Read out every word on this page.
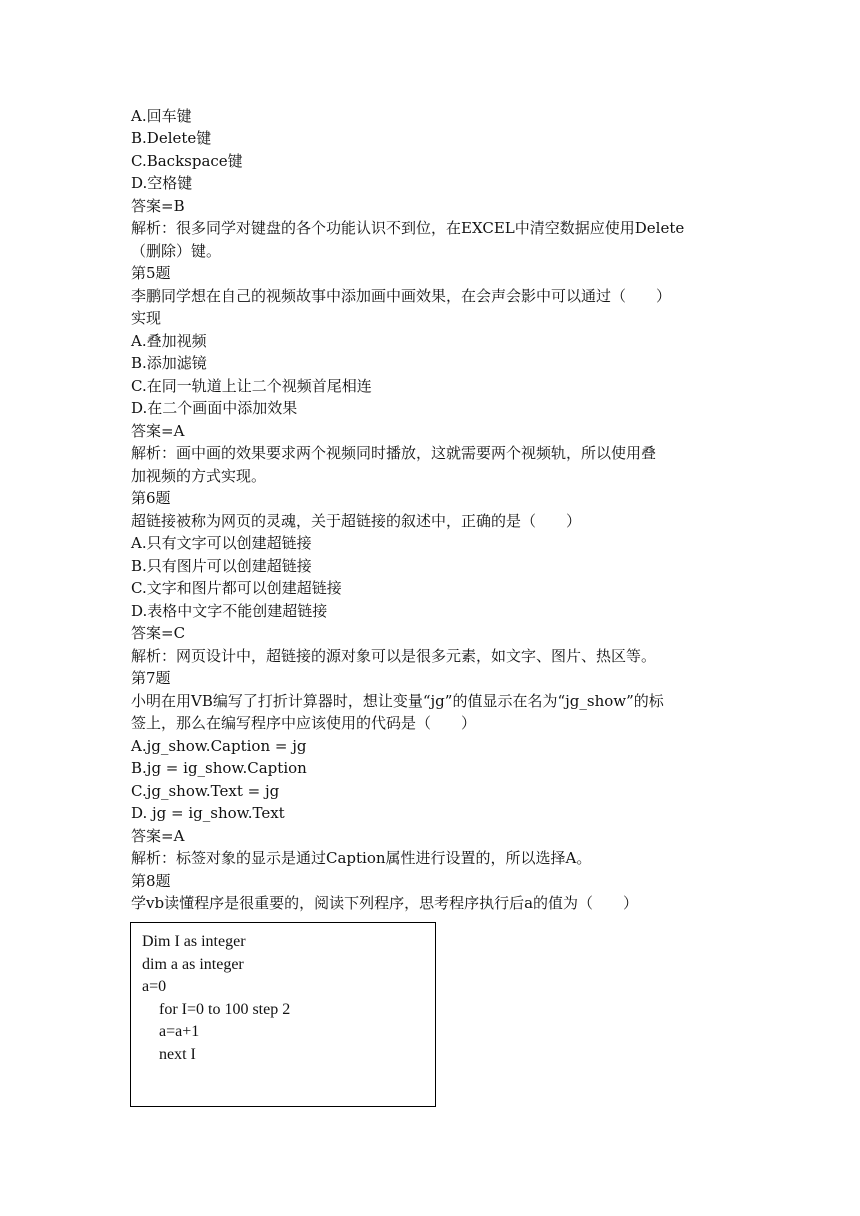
A.回车键
B.Delete键
C.Backspace键
D.空格键
答案=B
解析：很多同学对键盘的各个功能认识不到位，在EXCEL中清空数据应使用Delete
（删除）键。
第5题
李鹏同学想在自己的视频故事中添加画中画效果，在会声会影中可以通过（　　）
实现
A.叠加视频
B.添加滤镜
C.在同一轨道上让二个视频首尾相连
D.在二个画面中添加效果
答案=A
解析：画中画的效果要求两个视频同时播放，这就需要两个视频轨，所以使用叠
加视频的方式实现。
第6题
超链接被称为网页的灵魂，关于超链接的叙述中，正确的是（　　）
A.只有文字可以创建超链接
B.只有图片可以创建超链接
C.文字和图片都可以创建超链接
D.表格中文字不能创建超链接
答案=C
解析：网页设计中，超链接的源对象可以是很多元素，如文字、图片、热区等。
第7题
小明在用VB编写了打折计算器时，想让变量“jg”的值显示在名为“jg_show”的标
签上，那么在编写程序中应该使用的代码是（　　）
A.jg_show.Caption = jg
B.jg = ig_show.Caption
C.jg_show.Text = jg
D. jg = ig_show.Text
答案=A
解析：标签对象的显示是通过Caption属性进行设置的，所以选择A。
第8题
学vb读懂程序是很重要的，阅读下列程序，思考程序执行后a的值为（　　）
Dim I as integer
dim a as integer
a=0
for I=0 to 100 step 2
a=a+1
next I
